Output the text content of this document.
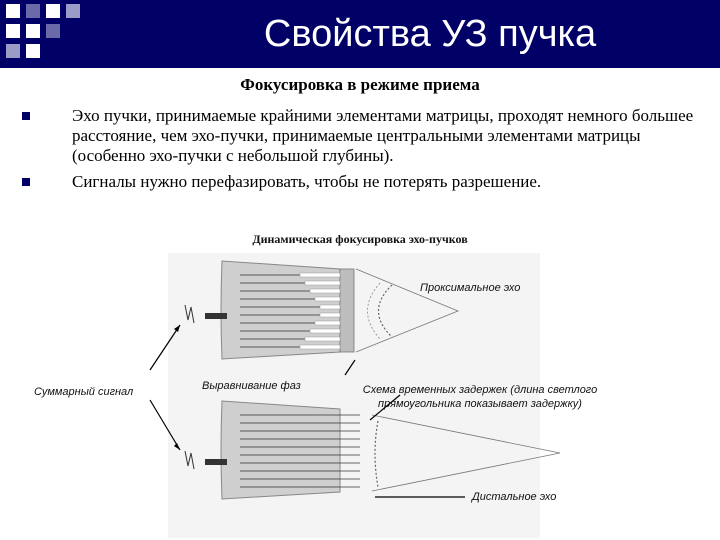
Свойства УЗ пучка
Фокусировка в режиме приема
Эхо пучки, принимаемые крайними элементами матрицы, проходят немного большее расстояние, чем эхо-пучки, принимаемые центральными элементами матрицы (особенно эхо-пучки с небольшой глубины).
Сигналы нужно перефазировать, чтобы не потерять разрешение.
Динамическая фокусировка эхо-пучков
Проксимальное эхо
Суммарный сигнал	Выравнивание фаз	Схема временных задержек (длина светлого прямоугольника показывает задержку)
Дистальное эхо
